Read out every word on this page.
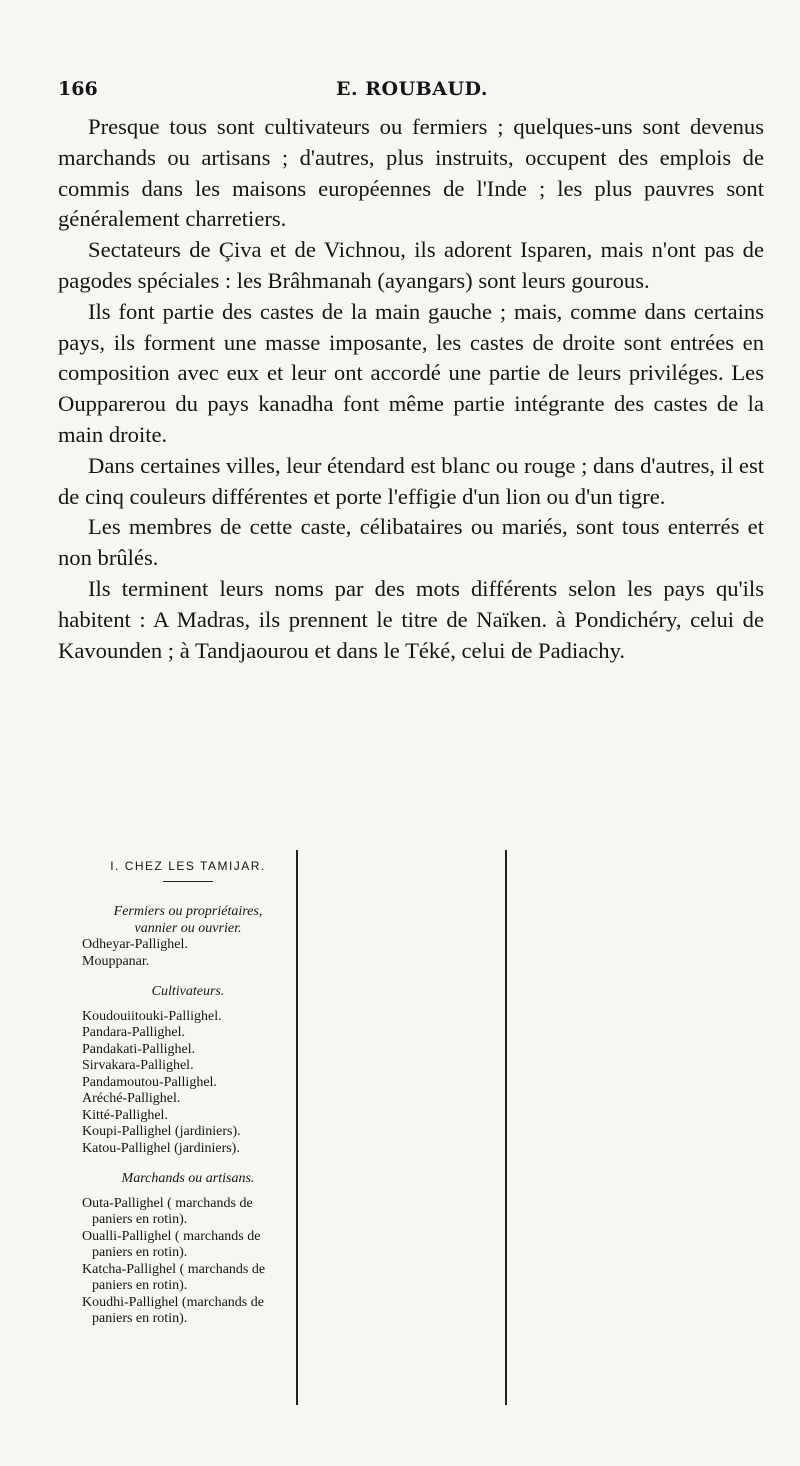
166	E. ROUBAUD.

Presque tous sont cultivateurs ou fermiers ; quelques-uns sont devenus marchands ou artisans ; d'autres, plus instruits, occupent des emplois de commis dans les maisons européennes de l'Inde ; les plus pauvres sont généralement charretiers.

Sectateurs de Çiva et de Vichnou, ils adorent Isparen, mais n'ont pas de pagodes spéciales : les Brâhmanah (ayangars) sont leurs gourous.

Ils font partie des castes de la main gauche ; mais, comme dans certains pays, ils forment une masse imposante, les castes de droite sont entrées en composition avec eux et leur ont accordé une partie de leurs priviléges. Les Oupparerou du pays kanadha font même partie intégrante des castes de la main droite.

Dans certaines villes, leur étendard est blanc ou rouge ; dans d'autres, il est de cinq couleurs différentes et porte l'effigie d'un lion ou d'un tigre.

Les membres de cette caste, célibataires ou mariés, sont tous enterrés et non brûlés.

Ils terminent leurs noms par des mots différents selon les pays qu'ils habitent : A Madras, ils prennent le titre de Naïken. à Pondichéry, celui de Kavounden ; à Tandjaourou et dans le Téké, celui de Padiachy.

I. CHEZ LES TAMIJAR.

Fermiers ou propriétaires,

vannier ou ouvrier.

Odheyar-Pallighel.

Mouppanar.

Cultivateurs.

Koudouiitouki-Pallighel.

Pandara-Pallighel.

Pandakati-Pallighel.

Sirvakara-Pallighel.

Pandamoutou-Pallighel.

Aréché-Pallighel.

Kitté-Pallighel.

Koupi-Pallighel (jardiniers).

Katou-Pallighel (jardiniers).

Marchands ou artisans.

Outa-Pallighel ( marchands de paniers en rotin).

Oualli-Pallighel ( marchands de paniers en rotin).

Katcha-Pallighel ( marchands de paniers en rotin).

Koudhi-Pallighel (marchands de paniers en rotin).
